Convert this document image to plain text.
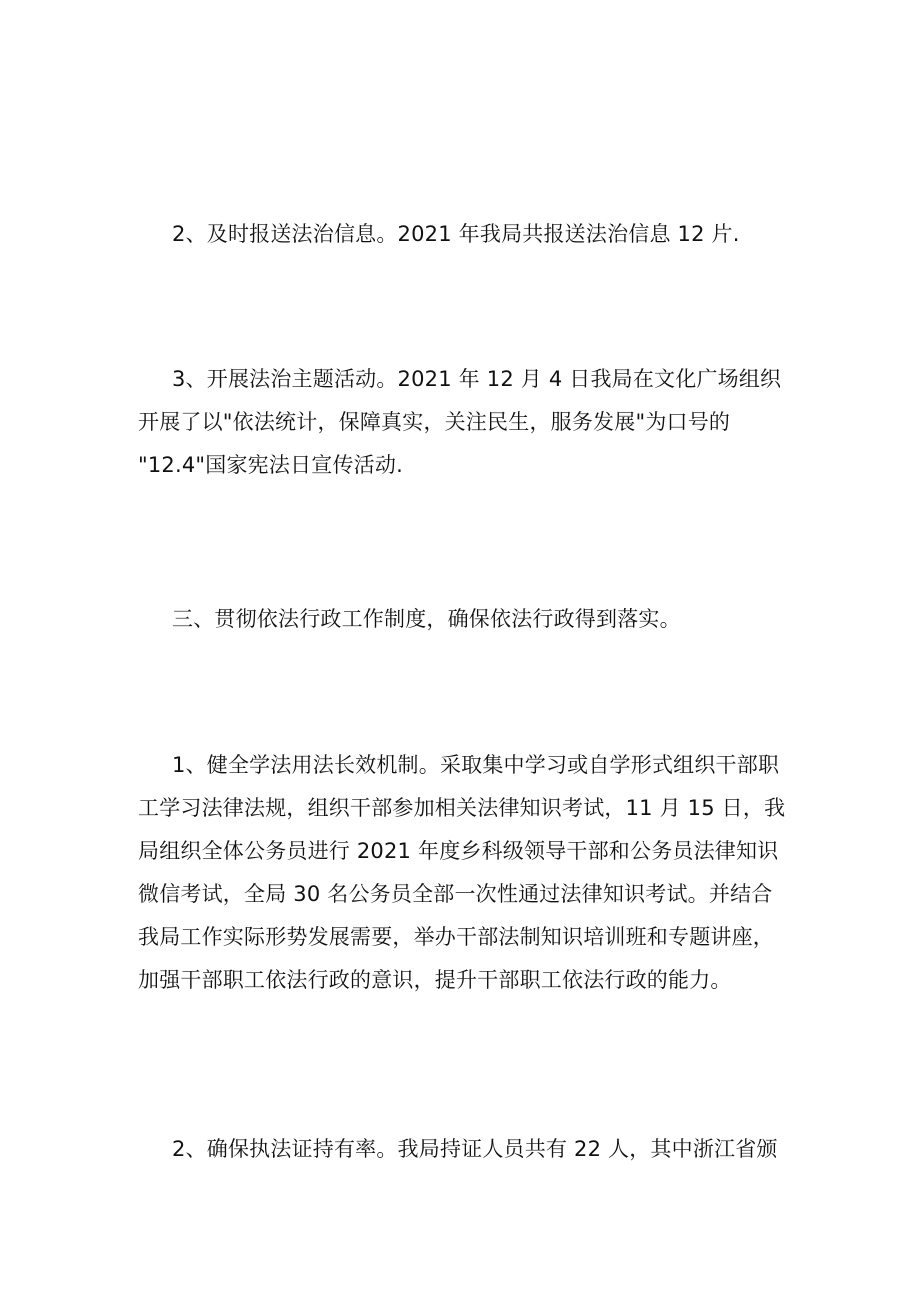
2、及时报送法治信息。2021 年我局共报送法治信息 12 片.

3、开展法治主题活动。2021 年 12 月 4 日我局在文化广场组织
开展了以"依法统计，保障真实，关注民生，服务发展"为口号的
"12.4"国家宪法日宣传活动.

三、贯彻依法行政工作制度，确保依法行政得到落实。

1、健全学法用法长效机制。采取集中学习或自学形式组织干部职
工学习法律法规，组织干部参加相关法律知识考试，11 月 15 日，我
局组织全体公务员进行 2021 年度乡科级领导干部和公务员法律知识
微信考试，全局 30 名公务员全部一次性通过法律知识考试。并结合
我局工作实际形势发展需要，举办干部法制知识培训班和专题讲座，
加强干部职工依法行政的意识，提升干部职工依法行政的能力。

2、确保执法证持有率。我局持证人员共有 22 人，其中浙江省颁
